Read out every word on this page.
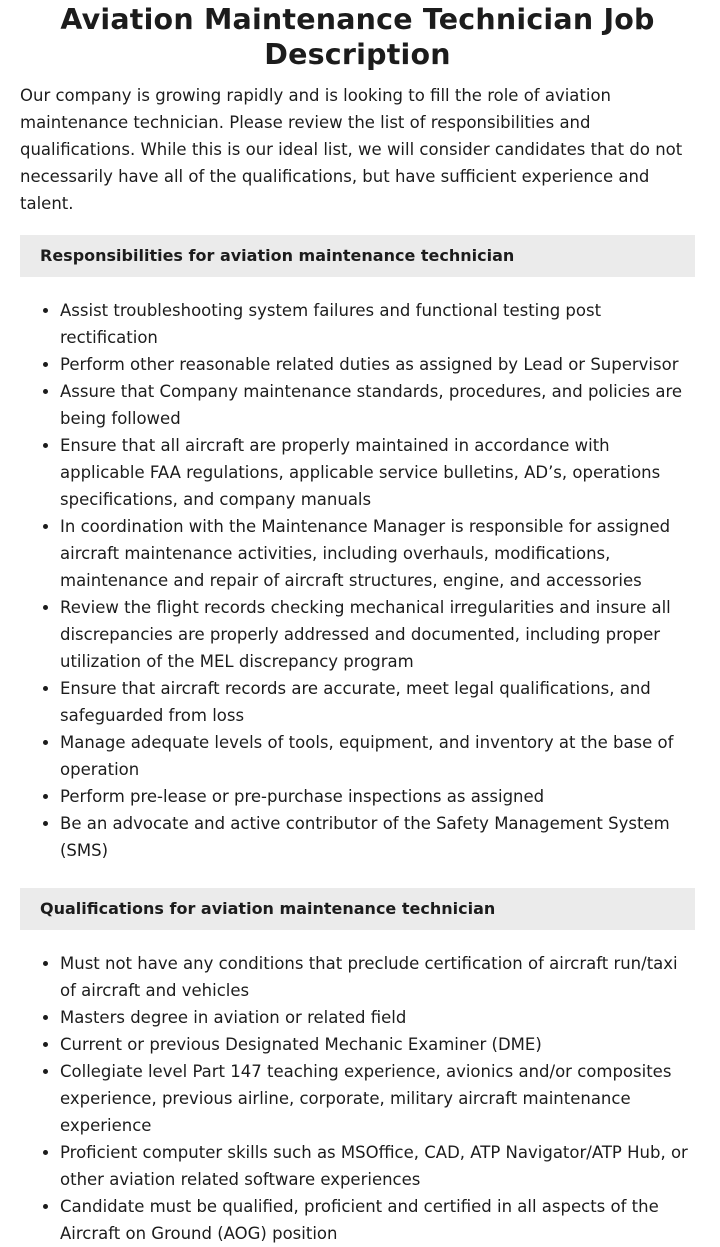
Aviation Maintenance Technician Job Description

Our company is growing rapidly and is looking to fill the role of aviation maintenance technician. Please review the list of responsibilities and qualifications. While this is our ideal list, we will consider candidates that do not necessarily have all of the qualifications, but have sufficient experience and talent.

Responsibilities for aviation maintenance technician
• Assist troubleshooting system failures and functional testing post rectification
• Perform other reasonable related duties as assigned by Lead or Supervisor
• Assure that Company maintenance standards, procedures, and policies are being followed
• Ensure that all aircraft are properly maintained in accordance with applicable FAA regulations, applicable service bulletins, AD’s, operations specifications, and company manuals
• In coordination with the Maintenance Manager is responsible for assigned aircraft maintenance activities, including overhauls, modifications, maintenance and repair of aircraft structures, engine, and accessories
• Review the flight records checking mechanical irregularities and insure all discrepancies are properly addressed and documented, including proper utilization of the MEL discrepancy program
• Ensure that aircraft records are accurate, meet legal qualifications, and safeguarded from loss
• Manage adequate levels of tools, equipment, and inventory at the base of operation
• Perform pre-lease or pre-purchase inspections as assigned
• Be an advocate and active contributor of the Safety Management System (SMS)
Qualifications for aviation maintenance technician
• Must not have any conditions that preclude certification of aircraft run/taxi of aircraft and vehicles
• Masters degree in aviation or related field
• Current or previous Designated Mechanic Examiner (DME)
• Collegiate level Part 147 teaching experience, avionics and/or composites experience, previous airline, corporate, military aircraft maintenance experience
• Proficient computer skills such as MSOffice, CAD, ATP Navigator/ATP Hub, or other aviation related software experiences
• Candidate must be qualified, proficient and certified in all aspects of the Aircraft on Ground (AOG) position
